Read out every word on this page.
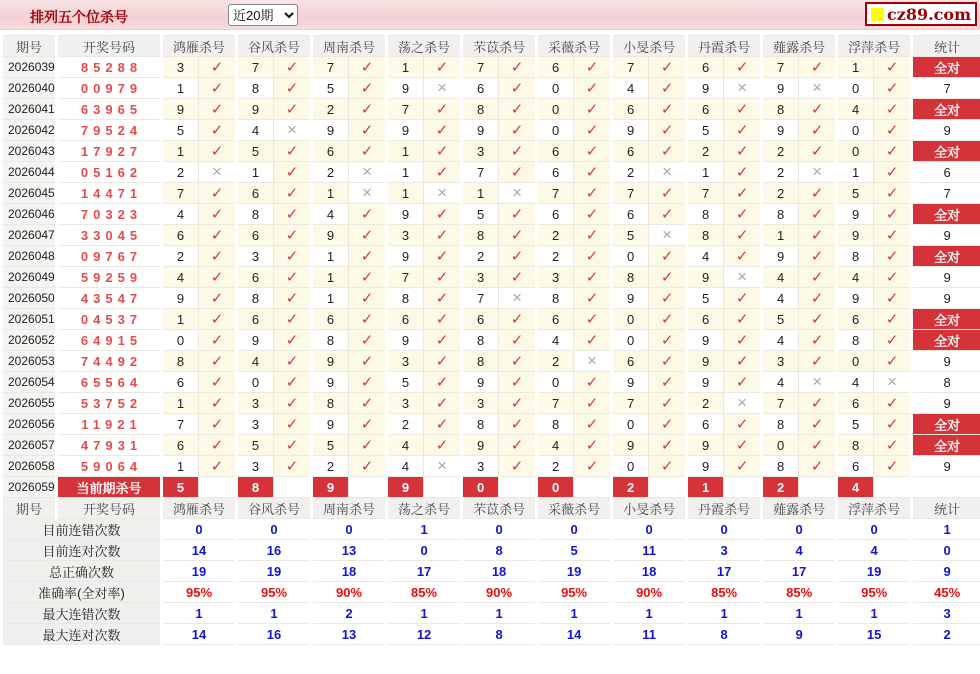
排列五个位杀号
近20期	cz89.com
期号	开奖号码	鸿雁杀号		谷风杀号		周南杀号		荡之杀号		芣苡杀号		采薇杀号		小旻杀号		丹霞杀号		薤露杀号		浮萍杀号		统计
2026039	85288	3	✓	7	✓	7	✓	1	✓	7	✓	6	✓	7	✓	6	✓	7	✓	1	✓	全对
2026040	00979	1	✓	8	✓	5	✓	9	×	6	✓	0	✓	4	✓	9	×	9	×	0	✓	7
2026041	63965	9	✓	9	✓	2	✓	7	✓	8	✓	0	✓	6	✓	6	✓	8	✓	4	✓	全对
2026042	79524	5	✓	4	×	9	✓	9	✓	9	✓	0	✓	9	✓	5	✓	9	✓	0	✓	9
2026043	17927	1	✓	5	✓	6	✓	1	✓	3	✓	6	✓	6	✓	2	✓	2	✓	0	✓	全对
2026044	05162	2	×	1	✓	2	×	1	✓	7	✓	6	✓	2	×	1	✓	2	×	1	✓	6
2026045	14471	7	✓	6	✓	1	×	1	×	1	×	7	✓	7	✓	7	✓	2	✓	5	✓	7
2026046	70323	4	✓	8	✓	4	✓	9	✓	5	✓	6	✓	6	✓	8	✓	8	✓	9	✓	全对
2026047	33045	6	✓	6	✓	9	✓	3	✓	8	✓	2	✓	5	×	8	✓	1	✓	9	✓	9
2026048	09767	2	✓	3	✓	1	✓	9	✓	2	✓	2	✓	0	✓	4	✓	9	✓	8	✓	全对
2026049	59259	4	✓	6	✓	1	✓	7	✓	3	✓	3	✓	8	✓	9	×	4	✓	4	✓	9
2026050	43547	9	✓	8	✓	1	✓	8	✓	7	×	8	✓	9	✓	5	✓	4	✓	9	✓	9
2026051	04537	1	✓	6	✓	6	✓	6	✓	6	✓	6	✓	0	✓	6	✓	5	✓	6	✓	全对
2026052	64915	0	✓	9	✓	8	✓	9	✓	8	✓	4	✓	0	✓	9	✓	4	✓	8	✓	全对
2026053	74492	8	✓	4	✓	9	✓	3	✓	8	✓	2	×	6	✓	9	✓	3	✓	0	✓	9
2026054	65564	6	✓	0	✓	9	✓	5	✓	9	✓	0	✓	9	✓	9	✓	4	×	4	×	8
2026055	53752	1	✓	3	✓	8	✓	3	✓	3	✓	7	✓	7	✓	2	×	7	✓	6	✓	9
2026056	11921	7	✓	3	✓	9	✓	2	✓	8	✓	8	✓	0	✓	6	✓	8	✓	5	✓	全对
2026057	47931	6	✓	5	✓	5	✓	4	✓	9	✓	4	✓	9	✓	9	✓	0	✓	8	✓	全对
2026058	59064	1	✓	3	✓	2	✓	4	×	3	✓	2	✓	0	✓	9	✓	8	✓	6	✓	9
2026059	当前期杀号	5		8		9		9		0		0		2		1		2		4		
期号	开奖号码	鸿雁杀号		谷风杀号		周南杀号		荡之杀号		芣苡杀号		采薇杀号		小旻杀号		丹霞杀号		薤露杀号		浮萍杀号		统计
目前连错次数		0		0		0		1		0		0		0		0		0		0		1
目前连对次数		14		16		13		0		8		5		11		3		4		4		0
总正确次数		19		19		18		17		18		19		18		17		17		19		9
准确率(全对率)		95%		95%		90%		85%		90%		95%		90%		85%		85%		95%		45%
最大连错次数		1		1		2		1		1		1		1		1		1		1		3
最大连对次数		14		16		13		12		8		14		11		8		9		15		2
